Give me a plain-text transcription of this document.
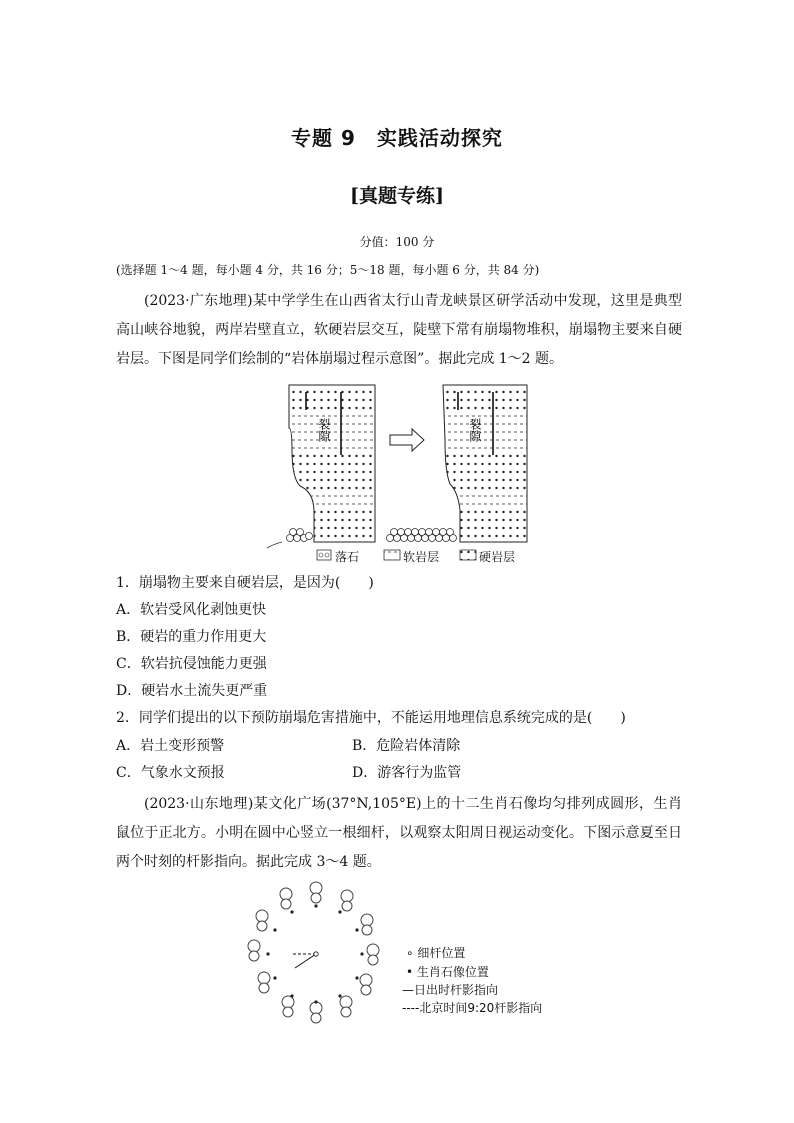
专题 9　实践活动探究
[真题专练]
分值：100 分
(选择题 1～4 题，每小题 4 分，共 16 分；5～18 题，每小题 6 分，共 84 分)
(2023·广东地理)某中学学生在山西省太行山青龙峡景区研学活动中发现，这里是典型高山峡谷地貌，两岸岩壁直立，软硬岩层交互，陡壁下常有崩塌物堆积，崩塌物主要来自硬岩层。下图是同学们绘制的“岩体崩塌过程示意图”。据此完成 1～2 题。
裂隙	裂隙
落石	软岩层	硬岩层
1．崩塌物主要来自硬岩层，是因为(　　)
A．软岩受风化剥蚀更快
B．硬岩的重力作用更大
C．软岩抗侵蚀能力更强
D．硬岩水土流失更严重
2．同学们提出的以下预防崩塌危害措施中，不能运用地理信息系统完成的是(　　)
A．岩土变形预警	B．危险岩体清除
C．气象水文预报	D．游客行为监管
(2023·山东地理)某文化广场(37°N,105°E)上的十二生肖石像均匀排列成圆形，生肖鼠位于正北方。小明在圆中心竖立一根细杆，以观察太阳周日视运动变化。下图示意夏至日两个时刻的杆影指向。据此完成 3～4 题。
∘ 细杆位置
• 生肖石像位置
—日出时杆影指向
----北京时间9:20杆影指向
